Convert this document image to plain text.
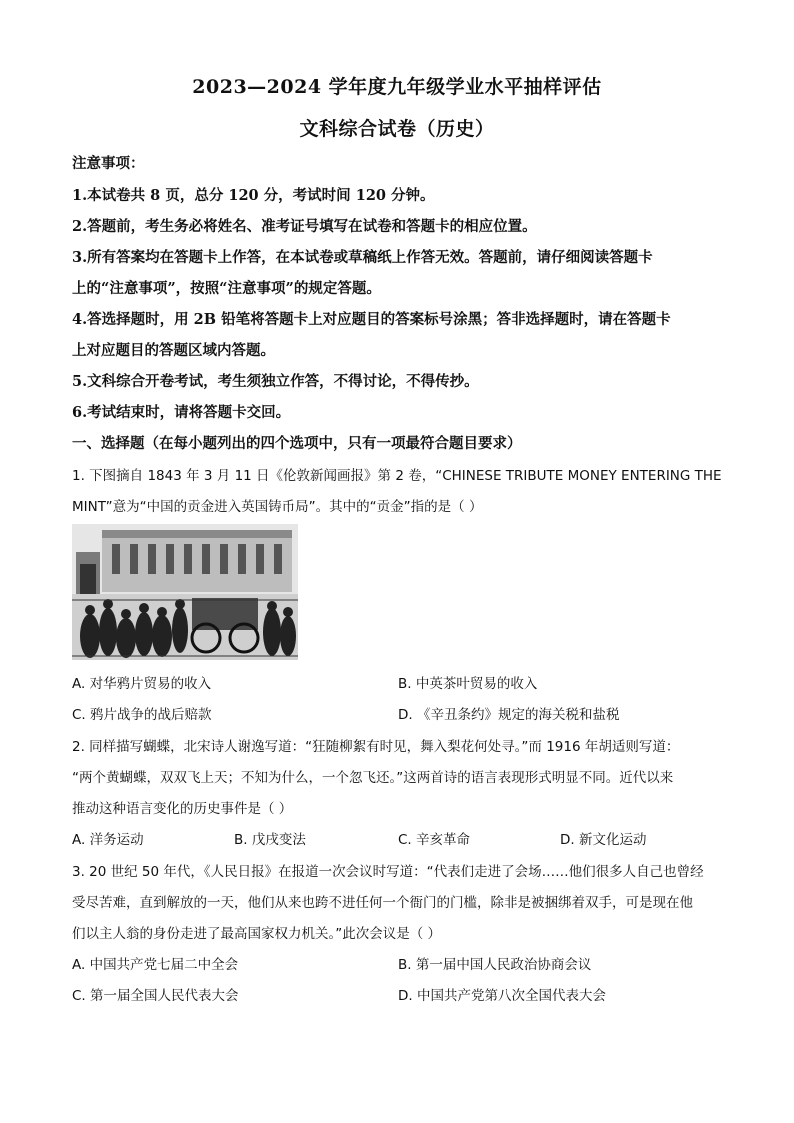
2023—2024 学年度九年级学业水平抽样评估
文科综合试卷（历史）
注意事项：
1.本试卷共 8 页，总分 120 分，考试时间 120 分钟。
2.答题前，考生务必将姓名、准考证号填写在试卷和答题卡的相应位置。
3.所有答案均在答题卡上作答，在本试卷或草稿纸上作答无效。答题前，请仔细阅读答题卡
上的“注意事项”，按照“注意事项”的规定答题。
4.答选择题时，用 2B 铅笔将答题卡上对应题目的答案标号涂黑；答非选择题时，请在答题卡
上对应题目的答题区域内答题。
5.文科综合开卷考试，考生须独立作答，不得讨论，不得传抄。
6.考试结束时，请将答题卡交回。
一、选择题（在每小题列出的四个选项中，只有一项最符合题目要求）
1. 下图摘自 1843 年 3 月 11 日《伦敦新闻画报》第 2 卷，“CHINESE TRIBUTE MONEY ENTERING THE
MINT”意为“中国的贡金进入英国铸币局”。其中的“贡金”指的是（ ）
A. 对华鸦片贸易的收入	B. 中英茶叶贸易的收入
C. 鸦片战争的战后赔款	D. 《辛丑条约》规定的海关税和盐税
2. 同样描写蝴蝶，北宋诗人谢逸写道：“狂随柳絮有时见，舞入梨花何处寻。”而 1916 年胡适则写道：
“两个黄蝴蝶，双双飞上天；不知为什么，一个忽飞还。”这两首诗的语言表现形式明显不同。近代以来
推动这种语言变化的历史事件是（ ）
A. 洋务运动	B. 戊戌变法	C. 辛亥革命	D. 新文化运动
3. 20 世纪 50 年代，《人民日报》在报道一次会议时写道：“代表们走进了会场……他们很多人自己也曾经
受尽苦难，直到解放的一天，他们从来也跨不进任何一个衙门的门槛，除非是被捆绑着双手，可是现在他
们以主人翁的身份走进了最高国家权力机关。”此次会议是（ ）
A. 中国共产党七届二中全会	B. 第一届中国人民政治协商会议
C. 第一届全国人民代表大会	D. 中国共产党第八次全国代表大会
